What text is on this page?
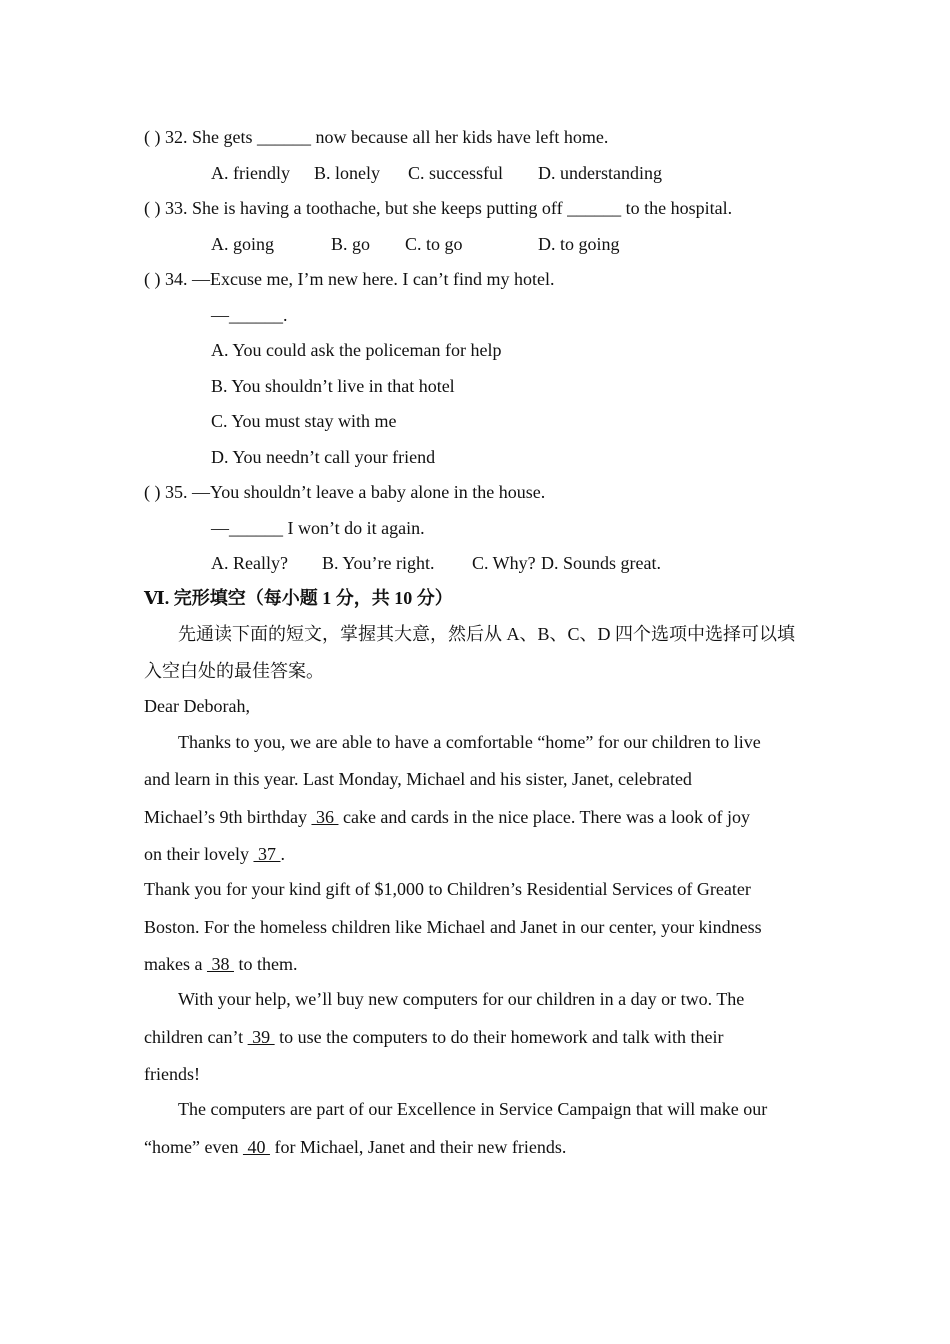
( ) 32. She gets ______ now because all her kids have left home.
A. friendly B. lonely C. successful D. understanding
( ) 33. She is having a toothache, but she keeps putting off ______ to the hospital.
A. going	B. go C. to go	D. to going
( ) 34. —Excuse me, I’m new here. I can’t find my hotel.
—______.
A. You could ask the policeman for help
B. You shouldn’t live in that hotel
C. You must stay with me
D. You needn’t call your friend
( ) 35. —You shouldn’t leave a baby alone in the house.
—______ I won’t do it again.
A. Really? B. You’re right. C. Why? D. Sounds great.
Ⅵ. 完形填空（每小题 1 分，共 10 分）
先通读下面的短文，掌握其大意，然后从 A、B、C、D 四个选项中选择可以填
入空白处的最佳答案。
Dear Deborah,
Thanks to you, we are able to have a comfortable “home” for our children to live
and learn in this year. Last Monday, Michael and his sister, Janet, celebrated
Michael’s 9th birthday  36  cake and cards in the nice place. There was a look of joy
on their lovely  37 .
Thank you for your kind gift of $1,000 to Children’s Residential Services of Greater
Boston. For the homeless children like Michael and Janet in our center, your kindness
makes a  38  to them.
With your help, we’ll buy new computers for our children in a day or two. The
children can’t  39  to use the computers to do their homework and talk with their
friends!
The computers are part of our Excellence in Service Campaign that will make our
“home” even  40  for Michael, Janet and their new friends.
